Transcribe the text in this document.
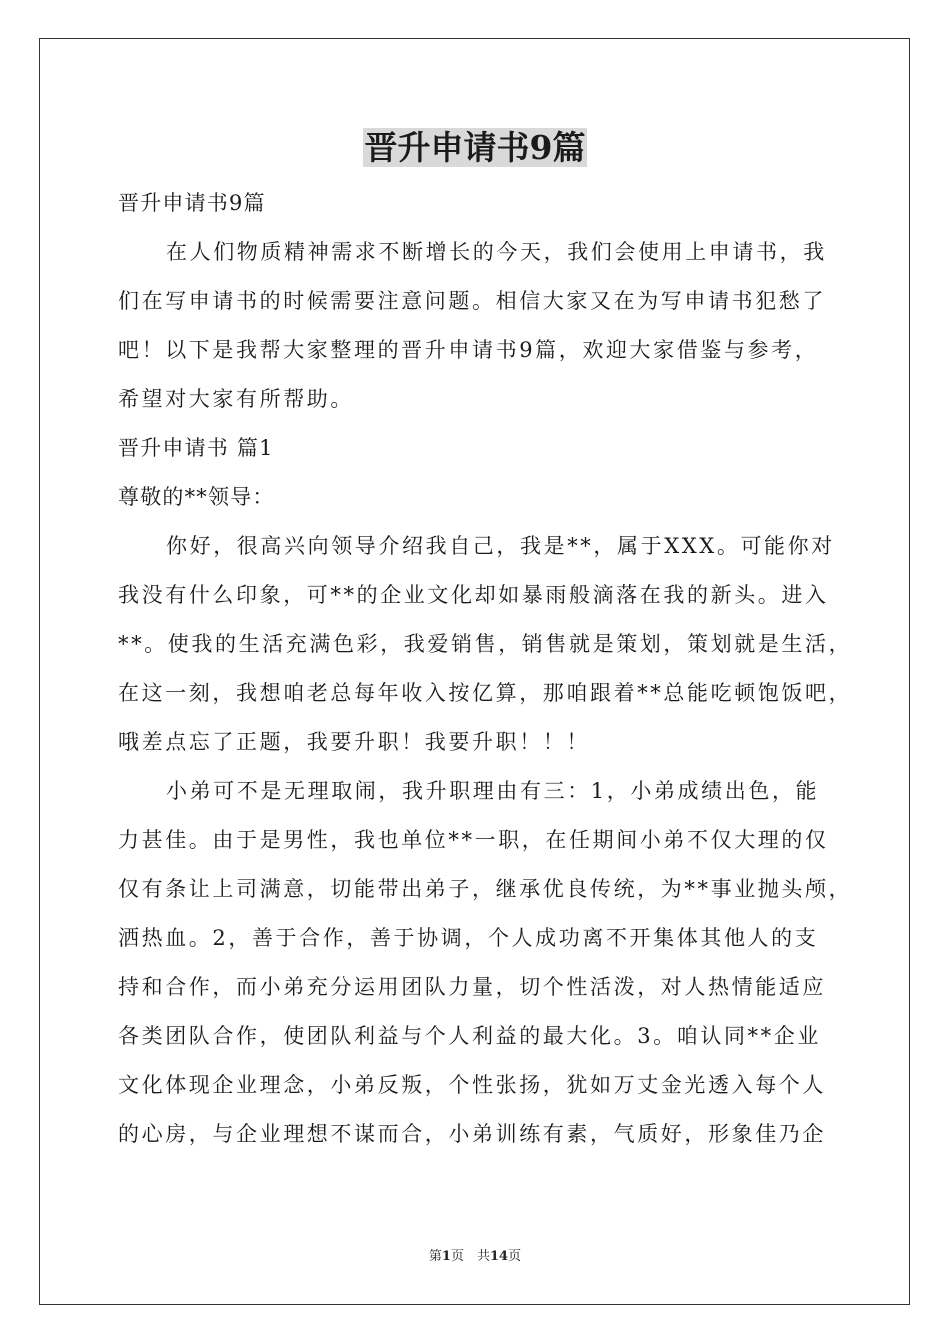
晋升申请书9篇
晋升申请书9篇
在人们物质精神需求不断增长的今天，我们会使用上申请书，我
们在写申请书的时候需要注意问题。相信大家又在为写申请书犯愁了
吧！以下是我帮大家整理的晋升申请书9篇，欢迎大家借鉴与参考，
希望对大家有所帮助。
晋升申请书 篇1
尊敬的**领导：
你好，很高兴向领导介绍我自己，我是**，属于XXX。可能你对
我没有什么印象，可**的企业文化却如暴雨般滴落在我的新头。进入
**。使我的生活充满色彩，我爱销售，销售就是策划，策划就是生活，
在这一刻，我想咱老总每年收入按亿算，那咱跟着**总能吃顿饱饭吧，
哦差点忘了正题，我要升职！我要升职！！！
小弟可不是无理取闹，我升职理由有三：1，小弟成绩出色，能
力甚佳。由于是男性，我也单位**一职，在任期间小弟不仅大理的仅
仅有条让上司满意，切能带出弟子，继承优良传统，为**事业抛头颅，
洒热血。2，善于合作，善于协调，个人成功离不开集体其他人的支
持和合作，而小弟充分运用团队力量，切个性活泼，对人热情能适应
各类团队合作，使团队利益与个人利益的最大化。3。咱认同**企业
文化体现企业理念，小弟反叛，个性张扬，犹如万丈金光透入每个人
的心房，与企业理想不谋而合，小弟训练有素，气质好，形象佳乃企
第1页　共14页
